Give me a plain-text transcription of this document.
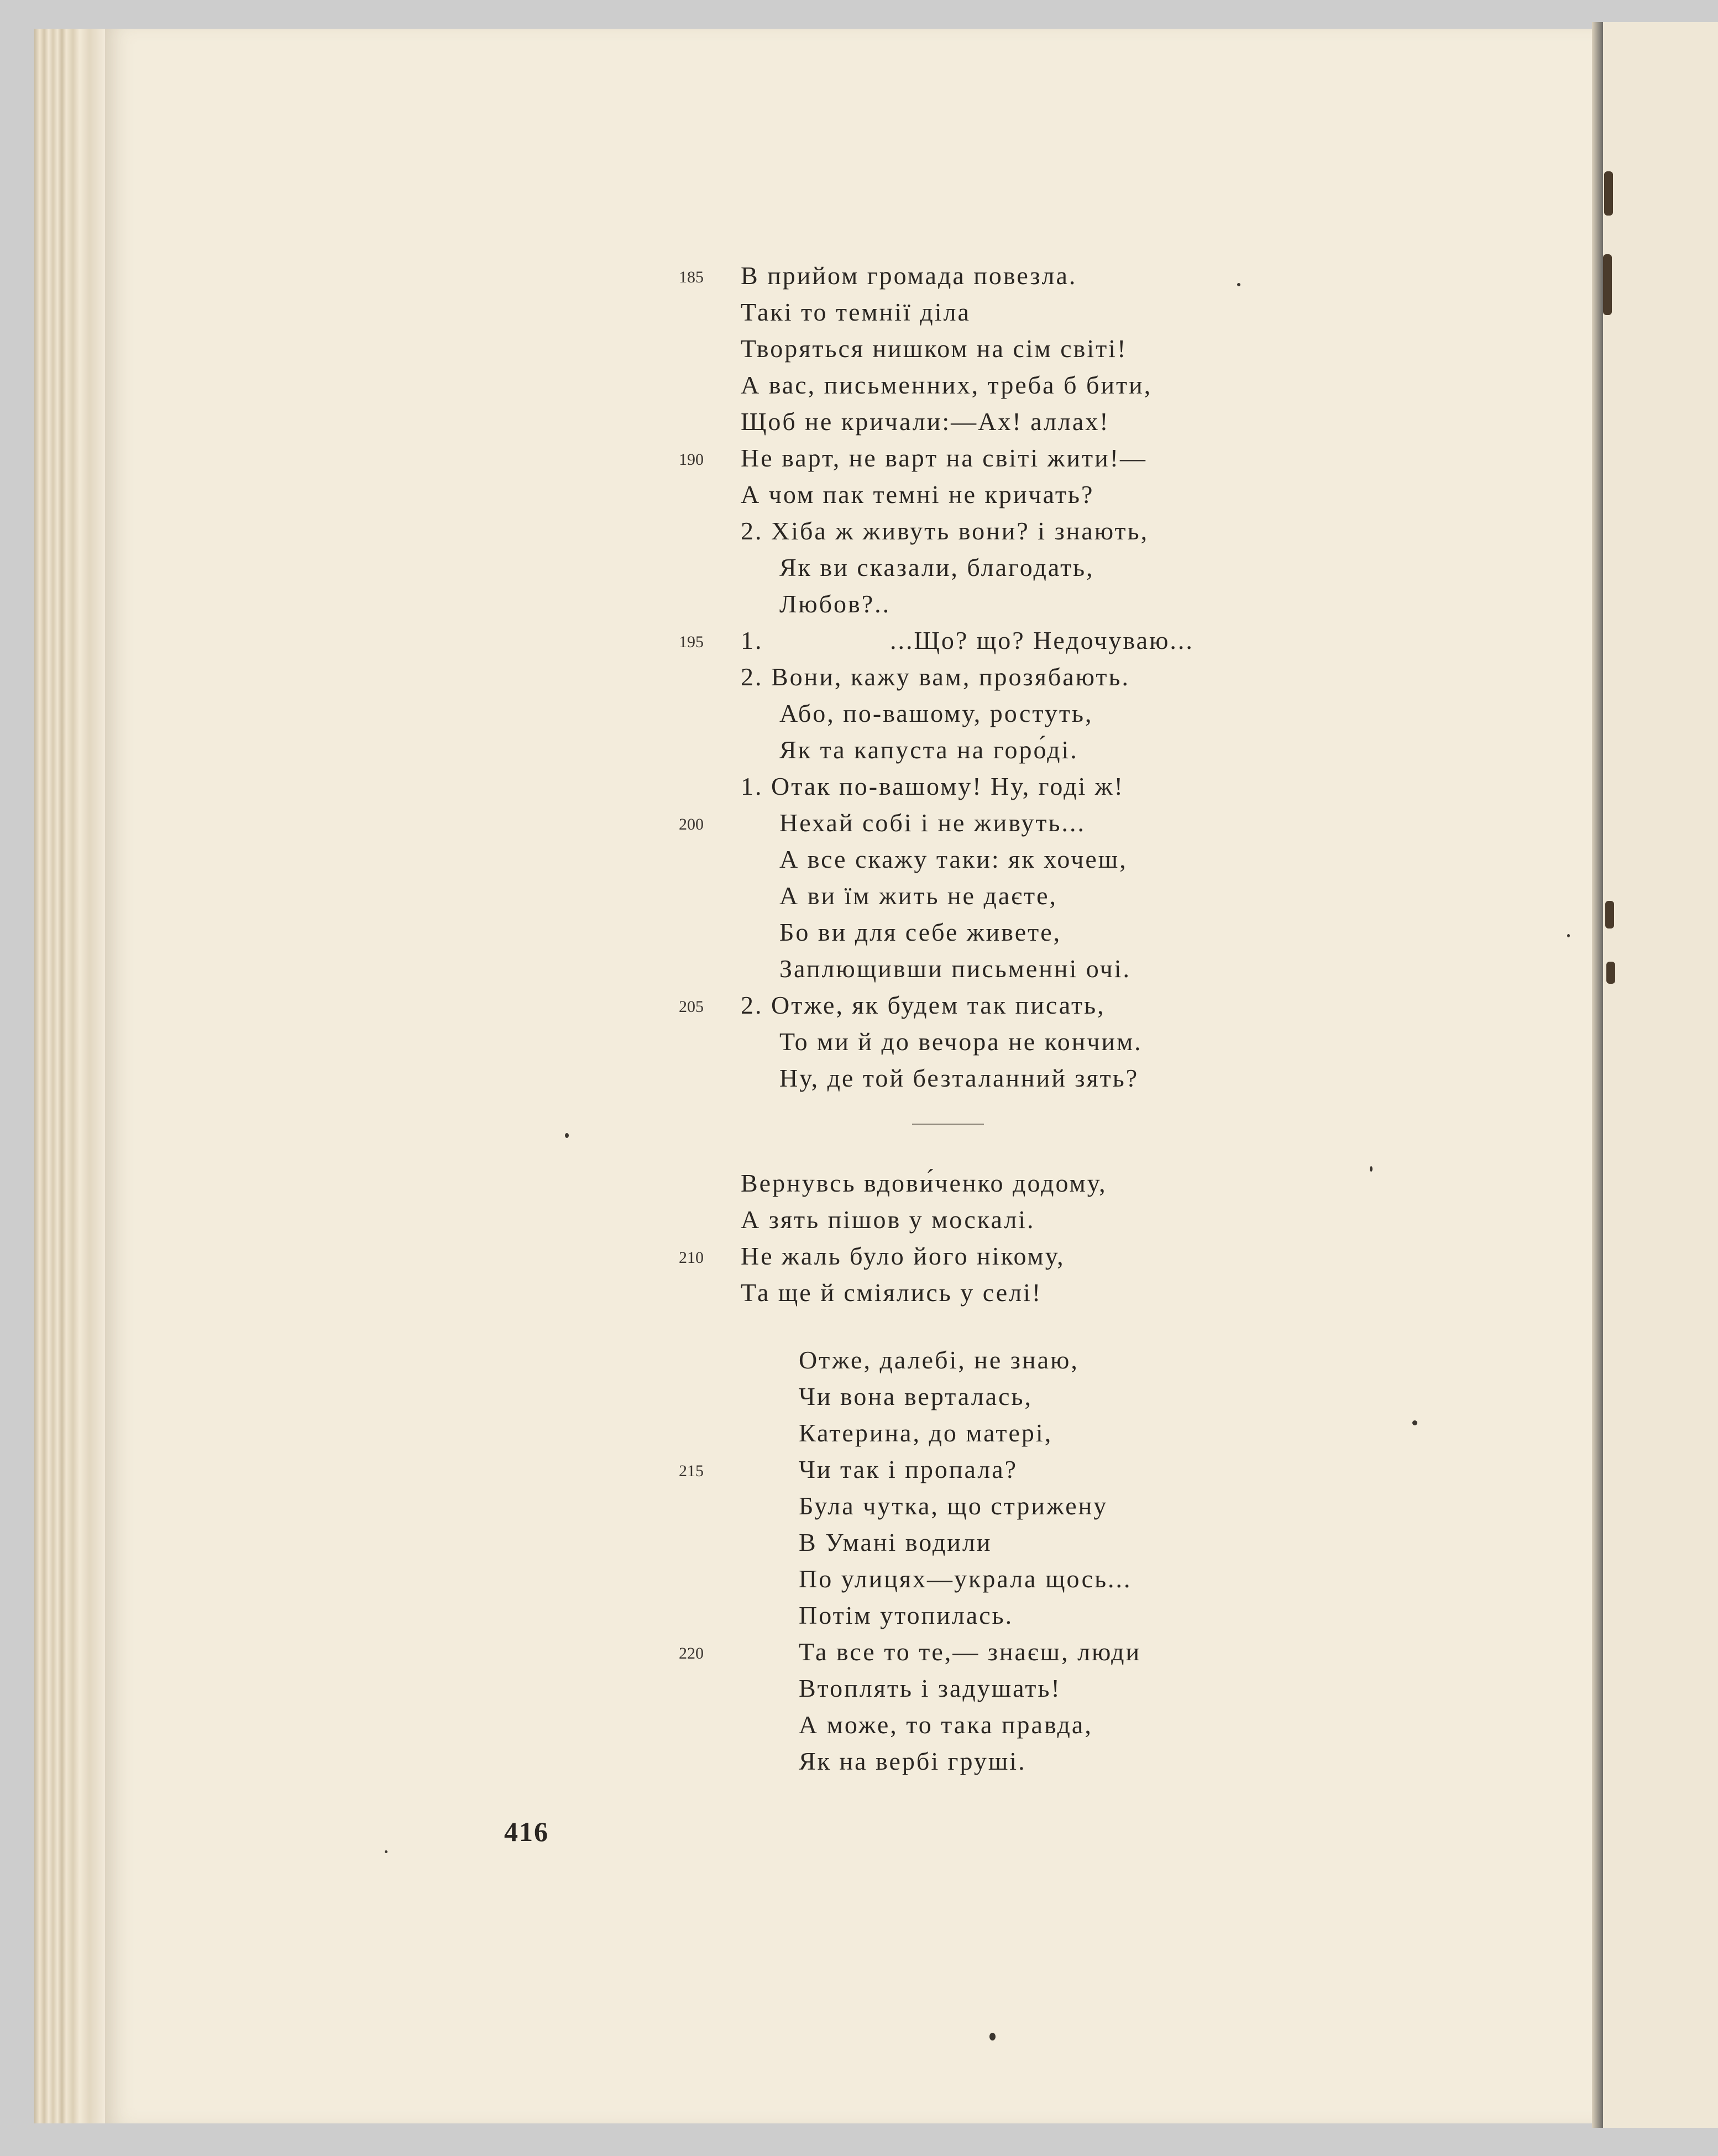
185 В прийом громада повезла.
Такі то темнії діла
Творяться нишком на сім світі!
А вас, письменних, треба б бити,
Щоб не кричали:—Ах! аллах!
190 Не варт, не варт на світі жити!—
А чом пак темні не кричать?
2. Хіба ж живуть вони? і знають,
Як ви сказали, благодать,
Любов?..
195 1.	...Що? що? Недочуваю...
2. Вони, кажу вам, прозябають.
Або, по-вашому, ростуть,
Як та капуста на горо́ді.
1. Отак по-вашому! Ну, годі ж!
200	Нехай собі і не живуть...
А все скажу таки: як хочеш,
А ви їм жить не даєте,
Бо ви для себе живете,
Заплющивши письменні очі.
205 2. Отже, як будем так писать,
То ми й до вечора не кончим.
Ну, де той безталанний зять?
Вернувсь вдови́ченко додому,
А зять пішов у москалі.
210 Не жаль було його нікому,
Та ще й сміялись у селі!
Отже, далебі, не знаю,
Чи вона верталась,
Катерина, до матері,
215	Чи так і пропала?
Була чутка, що стрижену
В Умані водили
По улицях—украла щось...
Потім утопилась.
220	Та все то те,— знаєш, люди
Втоплять і задушать!
А може, то така правда,
Як на вербі груші.
416
